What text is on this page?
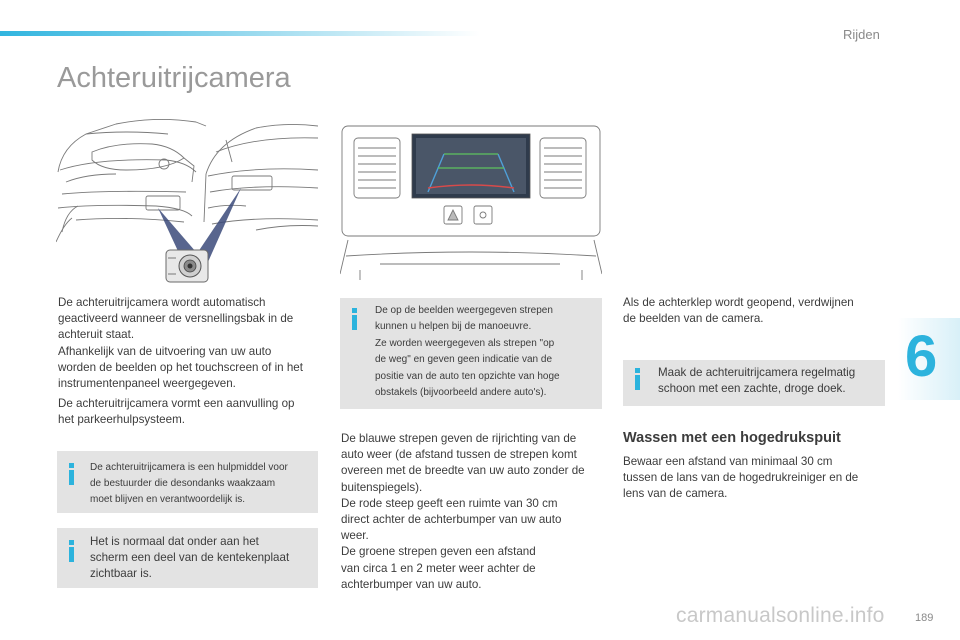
Rijden
Achteruitrijcamera
6
De achteruitrijcamera wordt automatisch
geactiveerd wanneer de versnellingsbak in de
achteruit staat.
Afhankelijk van de uitvoering van uw auto
worden de beelden op het touchscreen of in het
instrumentenpaneel weergegeven.
De achteruitrijcamera vormt een aanvulling op
het parkeerhulpsysteem.
De achteruitrijcamera is een hulpmiddel voor
de bestuurder die desondanks waakzaam
moet blijven en verantwoordelijk is.
Het is normaal dat onder aan het
scherm een deel van de kentekenplaat
zichtbaar is.
De op de beelden weergegeven strepen
kunnen u helpen bij de manoeuvre.
Ze worden weergegeven als strepen "op
de weg" en geven geen indicatie van de
positie van de auto ten opzichte van hoge
obstakels (bijvoorbeeld andere auto's).
De blauwe strepen geven de rijrichting van de
auto weer (de afstand tussen de strepen komt
overeen met de breedte van uw auto zonder de
buitenspiegels).
De rode steep geeft een ruimte van 30 cm
direct achter de achterbumper van uw auto
weer.
De groene strepen geven een afstand
van circa 1 en 2 meter weer achter de
achterbumper van uw auto.
Als de achterklep wordt geopend, verdwijnen
de beelden van de camera.
Maak de achteruitrijcamera regelmatig
schoon met een zachte, droge doek.
Wassen met een hogedrukspuit
Bewaar een afstand van minimaal 30 cm
tussen de lans van de hogedrukreiniger en de
lens van de camera.
carmanualsonline.info	189
